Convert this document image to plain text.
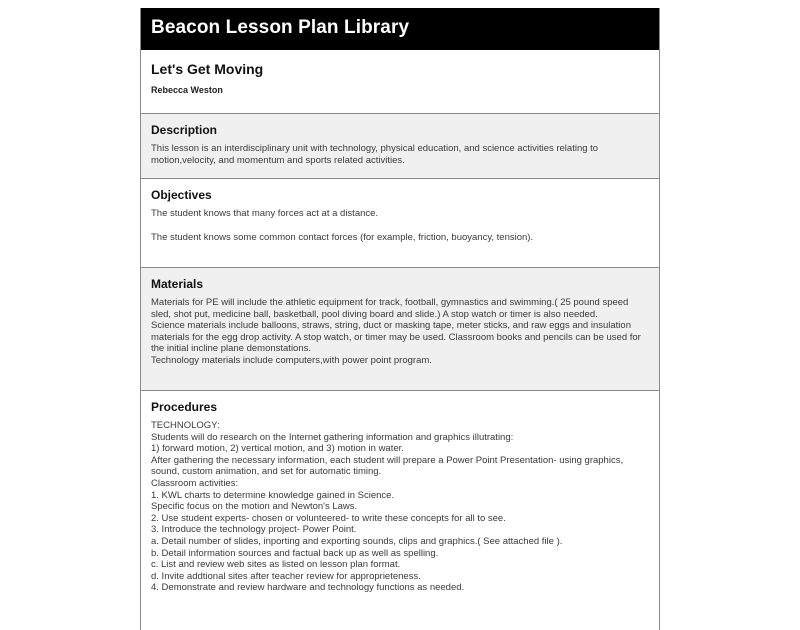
Beacon Lesson Plan Library
Let's Get Moving
Rebecca Weston
Description

This lesson is an interdisciplinary unit with technology, physical education, and science activities relating to motion,velocity, and momentum and sports related activities.

Objectives

The student knows that many forces act at a distance.

The student knows some common contact forces (for example, friction, buoyancy, tension).

Materials
Materials for PE will include the athletic equipment for track, football, gymnastics and swimming.( 25 pound speed sled, shot put, medicine ball, basketball, pool diving board and slide.) A stop watch or timer is also needed.
Science materials include balloons, straws, string, duct or masking tape, meter sticks, and raw eggs and insulation materials for the egg drop activity. A stop watch, or timer may be used. Classroom books and pencils can be used for the initial incline plane demonstations.
Technology materials include computers,with power point program.
Procedures
TECHNOLOGY:
Students will do research on the Internet gathering information and graphics illutrating:
1) forward motion, 2) vertical motion, and 3) motion in water.
After gathering the necessary information, each student will prepare a Power Point Presentation- using graphics, sound, custom animation, and set for automatic timing.
Classroom activities:
1. KWL charts to determine knowledge gained in Science.
Specific focus on the motion and Newton's Laws.
2. Use student experts- chosen or volunteered- to write these concepts for all to see.
3. Introduce the technology project- Power Point.
a. Detail number of slides, inporting and exporting sounds, clips and graphics.( See attached file ).
b. Detail information sources and factual back up as well as spelling.
c. List and review web sites as listed on lesson plan format.
d. Invite addtional sites after teacher review for approprieteness.
4. Demonstrate and review hardware and technology functions as needed.
